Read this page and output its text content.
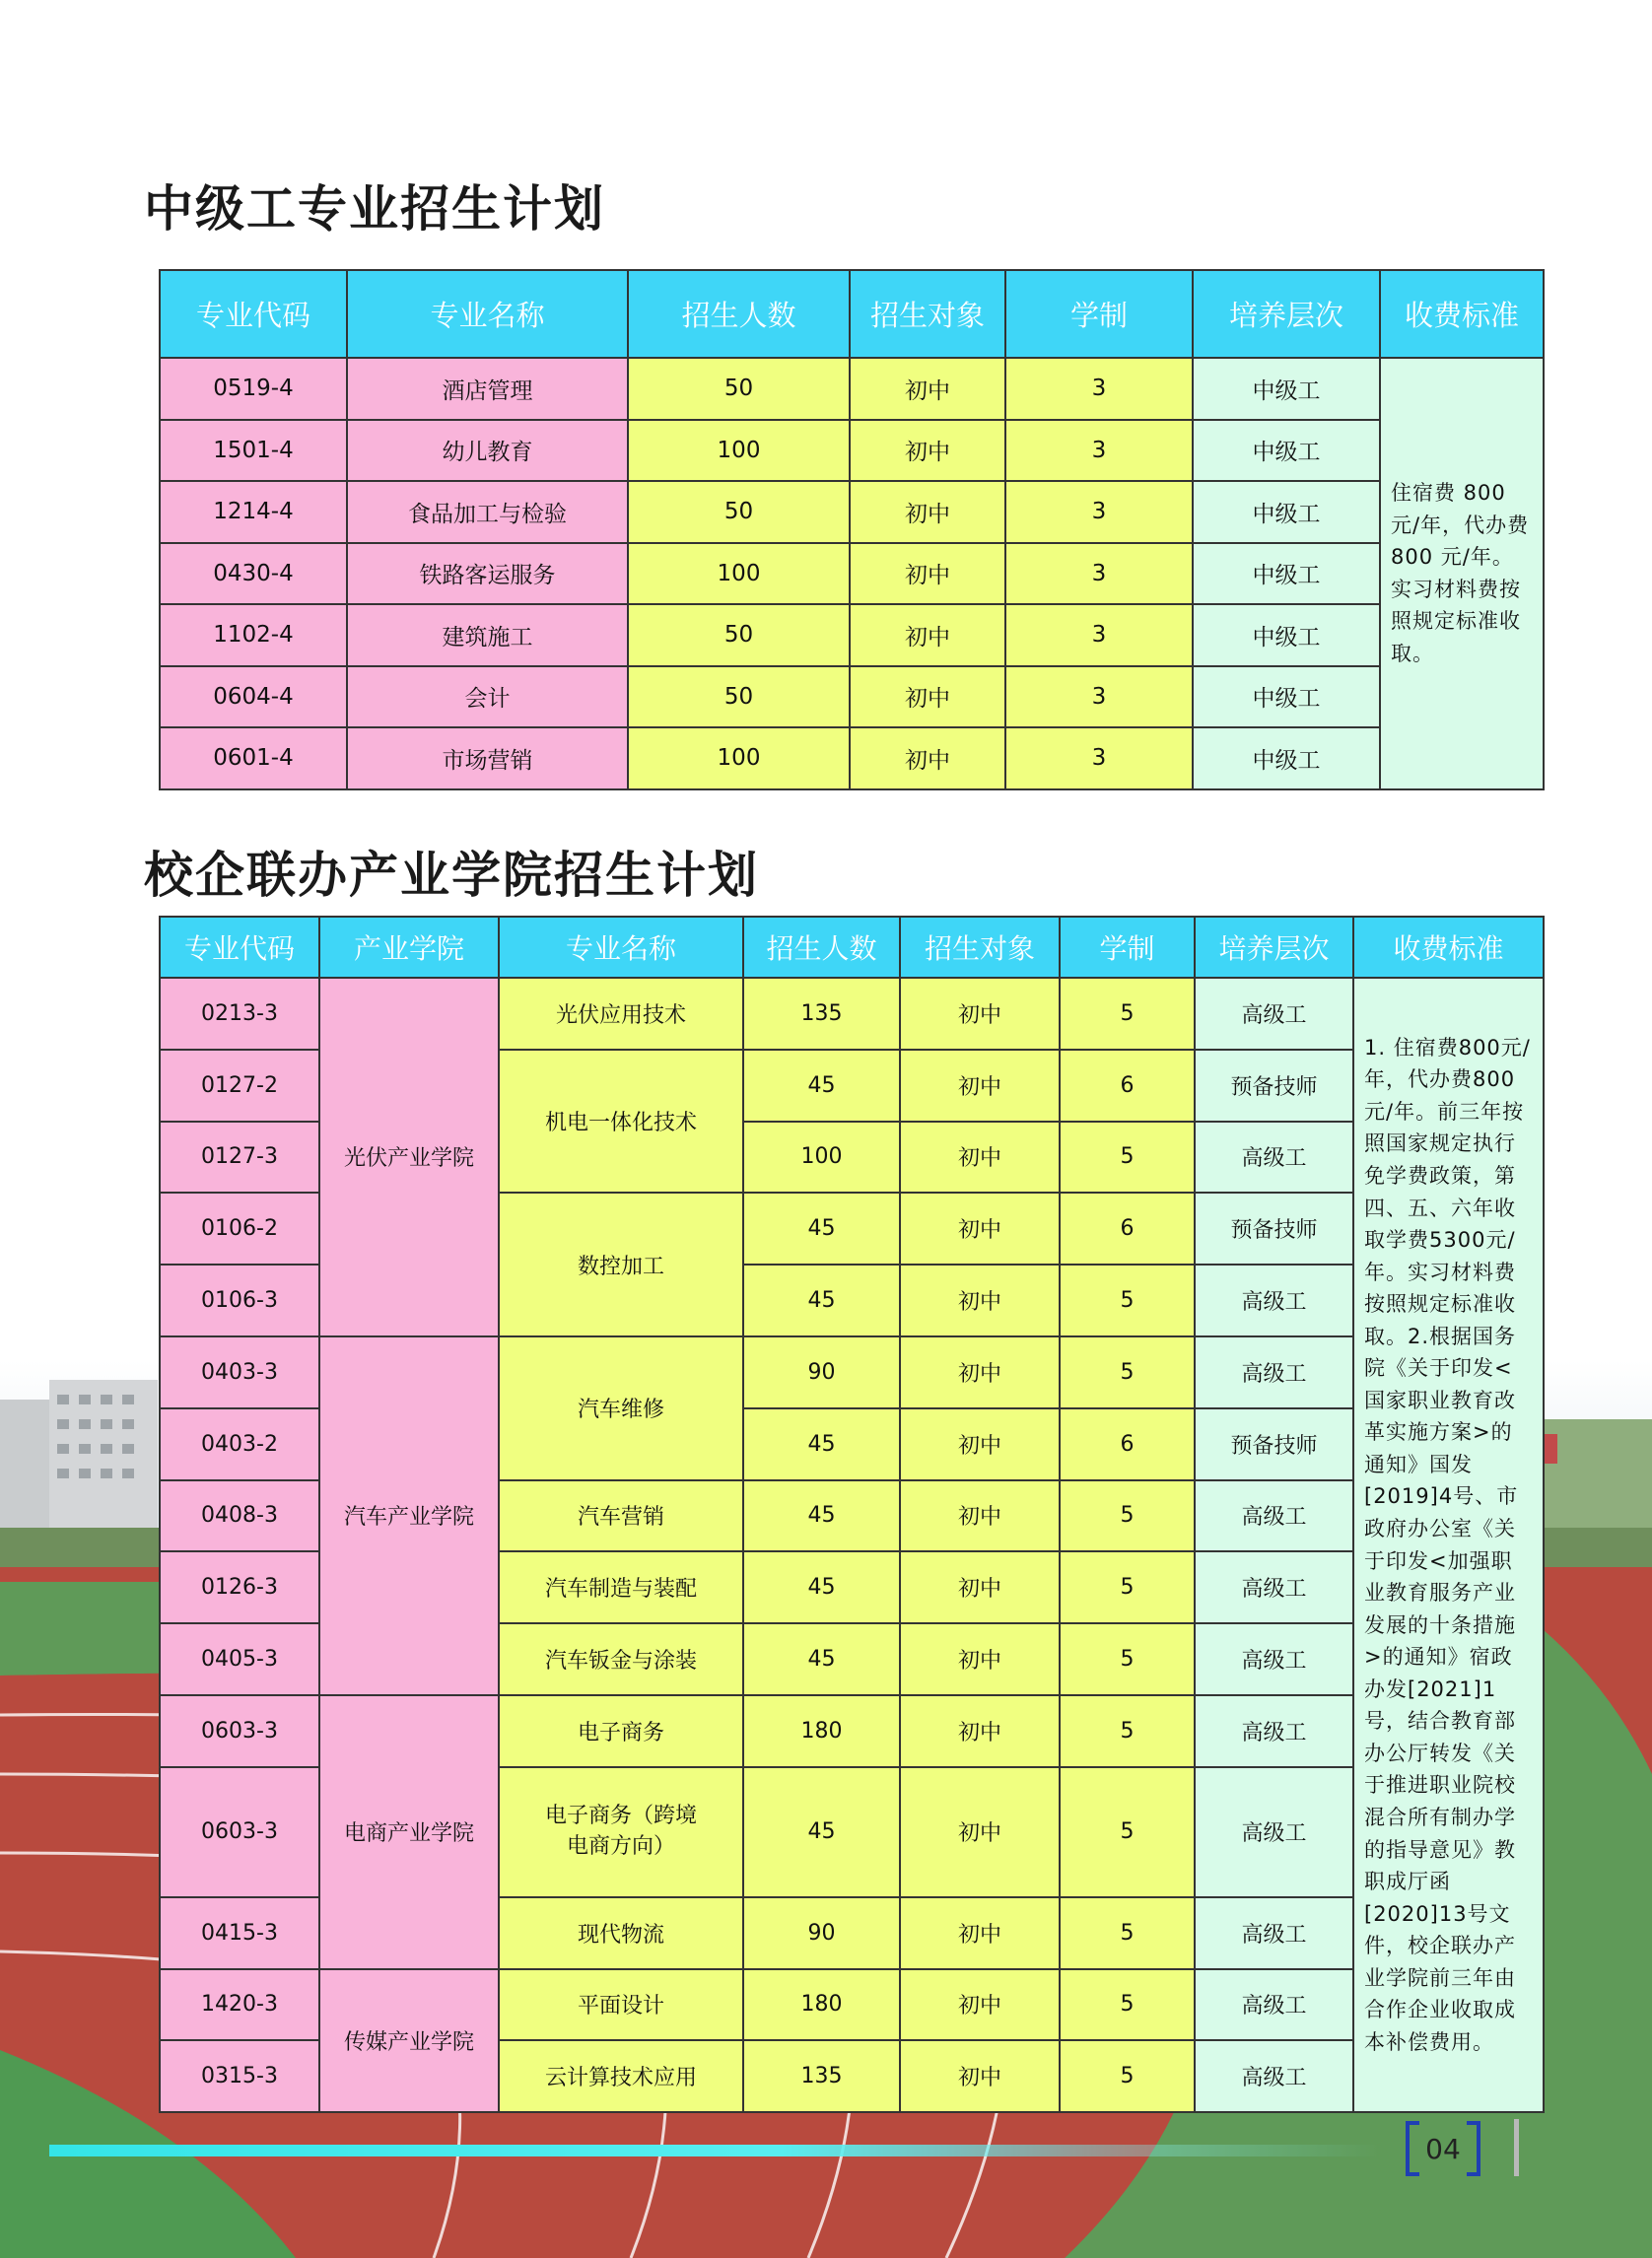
中级工专业招生计划
专业代码	专业名称	招生人数	招生对象	学制	培养层次	收费标准
0519-4	酒店管理	50	初中	3	中级工	住宿费 800 元/年，代办费 800 元/年。实习材料费按照规定标准收取。
1501-4	幼儿教育	100	初中	3	中级工	
1214-4	食品加工与检验	50	初中	3	中级工	
0430-4	铁路客运服务	100	初中	3	中级工	
1102-4	建筑施工	50	初中	3	中级工	
0604-4	会计	50	初中	3	中级工	
0601-4	市场营销	100	初中	3	中级工	
校企联办产业学院招生计划
专业代码	产业学院	专业名称	招生人数	招生对象	学制	培养层次	收费标准
0213-3	光伏产业学院	光伏应用技术	135	初中	5	高级工	1. 住宿费800元/年，代办费800元/年。前三年按照国家规定执行免学费政策，第四、五、六年收取学费5300元/年。实习材料费按照规定标准收取。2.根据国务院《关于印发<国家职业教育改革实施方案>的通知》国发[2019]4号、市政府办公室《关于印发<加强职业教育服务产业发展的十条措施>的通知》宿政办发[2021]1号，结合教育部办公厅转发《关于推进职业院校混合所有制办学的指导意见》教职成厅函[2020]13号文件，校企联办产业学院前三年由合作企业收取成本补偿费用。
0127-2		机电一体化技术	45	初中	6	预备技师	
0127-3			100	初中	5	高级工	
0106-2		数控加工	45	初中	6	预备技师	
0106-3			45	初中	5	高级工	
0403-3	汽车产业学院	汽车维修	90	初中	5	高级工	
0403-2			45	初中	6	预备技师	
0408-3		汽车营销	45	初中	5	高级工	
0126-3		汽车制造与装配	45	初中	5	高级工	
0405-3		汽车钣金与涂装	45	初中	5	高级工	
0603-3	电商产业学院	电子商务	180	初中	5	高级工	
0603-3		电子商务（跨境电商方向）	45	初中	5	高级工	
0415-3		现代物流	90	初中	5	高级工	
1420-3	传媒产业学院	平面设计	180	初中	5	高级工	
0315-3		云计算技术应用	135	初中	5	高级工	
04
